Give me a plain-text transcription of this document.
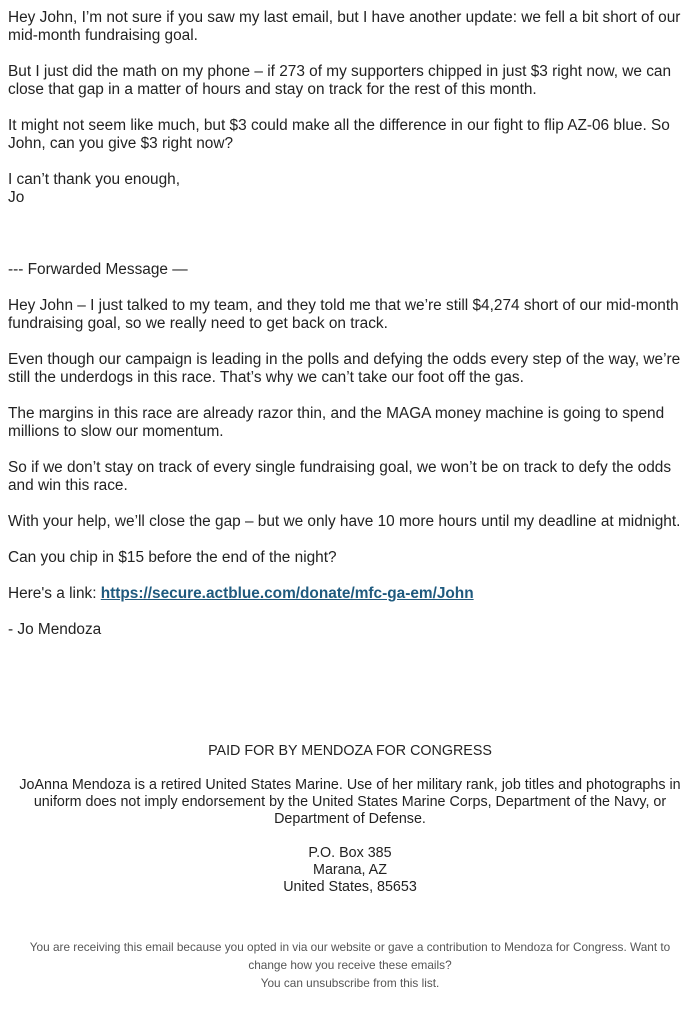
Hey John, I’m not sure if you saw my last email, but I have another update: we fell a bit short of our mid-month fundraising goal.

But I just did the math on my phone – if 273 of my supporters chipped in just $3 right now, we can close that gap in a matter of hours and stay on track for the rest of this month.

It might not seem like much, but $3 could make all the difference in our fight to flip AZ-06 blue. So John, can you give $3 right now?

I can’t thank you enough,
Jo

--- Forwarded Message —

Hey John – I just talked to my team, and they told me that we’re still $4,274 short of our mid-month fundraising goal, so we really need to get back on track.

Even though our campaign is leading in the polls and defying the odds every step of the way, we’re still the underdogs in this race. That’s why we can’t take our foot off the gas.

The margins in this race are already razor thin, and the MAGA money machine is going to spend millions to slow our momentum.

So if we don’t stay on track of every single fundraising goal, we won’t be on track to defy the odds and win this race.

With your help, we’ll close the gap – but we only have 10 more hours until my deadline at midnight.

Can you chip in $15 before the end of the night?

Here's a link: https://secure.actblue.com/donate/mfc-ga-em/John

- Jo Mendoza

PAID FOR BY MENDOZA FOR CONGRESS

JoAnna Mendoza is a retired United States Marine. Use of her military rank, job titles and photographs in uniform does not imply endorsement by the United States Marine Corps, Department of the Navy, or Department of Defense.

P.O. Box 385
Marana, AZ
United States, 85653

You are receiving this email because you opted in via our website or gave a contribution to Mendoza for Congress. Want to change how you receive these emails?

You can unsubscribe from this list.
